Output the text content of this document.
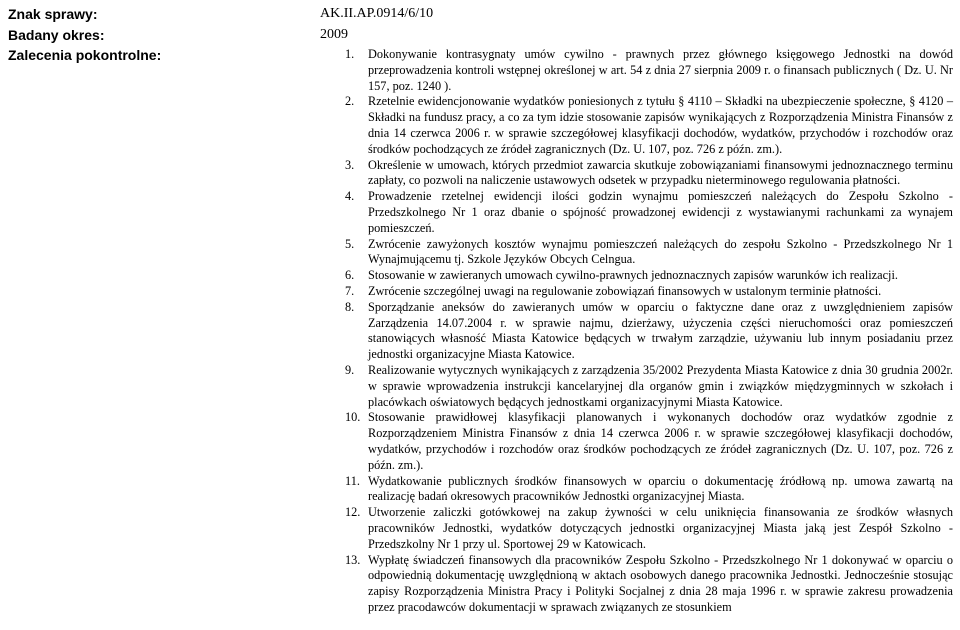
Znak sprawy:	AK.II.AP.0914/6/10
Badany okres:	2009
Zalecenia pokontrolne:	1. Dokonywanie kontrasygnaty umów cywilno - prawnych przez głównego księgowego Jednostki na dowód przeprowadzenia kontroli wstępnej określonej w art. 54 z dnia 27 sierpnia 2009 r. o finansach publicznych ( Dz. U. Nr 157, poz. 1240 ).
2. Rzetelnie ewidencjonowanie wydatków poniesionych z tytułu § 4110 – Składki na ubezpieczenie społeczne, § 4120 – Składki na fundusz pracy, a co za tym idzie stosowanie zapisów wynikających z Rozporządzenia Ministra Finansów z dnia 14 czerwca 2006 r. w sprawie szczegółowej klasyfikacji dochodów, wydatków, przychodów i rozchodów oraz środków pochodzących ze źródeł zagranicznych (Dz. U. 107, poz. 726 z późn. zm.).
3. Określenie w umowach, których przedmiot zawarcia skutkuje zobowiązaniami finansowymi jednoznacznego terminu zapłaty, co pozwoli na naliczenie ustawowych odsetek w przypadku nieterminowego regulowania płatności.
4. Prowadzenie rzetelnej ewidencji ilości godzin wynajmu pomieszczeń należących do Zespołu Szkolno - Przedszkolnego Nr 1 oraz dbanie o spójność prowadzonej ewidencji z wystawianymi rachunkami za wynajem pomieszczeń.
5. Zwrócenie zawyżonych kosztów wynajmu pomieszczeń należących do zespołu Szkolno - Przedszkolnego Nr 1 Wynajmującemu tj. Szkole Języków Obcych Celngua.
6. Stosowanie w zawieranych umowach cywilno-prawnych jednoznacznych zapisów warunków ich realizacji.
7. Zwrócenie szczególnej uwagi na regulowanie zobowiązań finansowych w ustalonym terminie płatności.
8. Sporządzanie aneksów do zawieranych umów w oparciu o faktyczne dane oraz z uwzględnieniem zapisów Zarządzenia 14.07.2004 r. w sprawie najmu, dzierżawy, użyczenia części nieruchomości oraz pomieszczeń stanowiących własność Miasta Katowice będących w trwałym zarządzie, używaniu lub innym posiadaniu przez jednostki organizacyjne Miasta Katowice.
9. Realizowanie wytycznych wynikających z zarządzenia 35/2002 Prezydenta Miasta Katowice z dnia 30 grudnia 2002r. w sprawie wprowadzenia instrukcji kancelaryjnej dla organów gmin i związków międzygminnych w szkołach i placówkach oświatowych będących jednostkami organizacyjnymi Miasta Katowice.
10. Stosowanie prawidłowej klasyfikacji planowanych i wykonanych dochodów oraz wydatków zgodnie z Rozporządzeniem Ministra Finansów z dnia 14 czerwca 2006 r. w sprawie szczegółowej klasyfikacji dochodów, wydatków, przychodów i rozchodów oraz środków pochodzących ze źródeł zagranicznych (Dz. U. 107, poz. 726 z późn. zm.).
11. Wydatkowanie publicznych środków finansowych w oparciu o dokumentację źródłową np. umowa zawartą na realizację badań okresowych pracowników Jednostki organizacyjnej Miasta.
12. Utworzenie zaliczki gotówkowej na zakup żywności w celu uniknięcia finansowania ze środków własnych pracowników Jednostki, wydatków dotyczących jednostki organizacyjnej Miasta jaką jest Zespół Szkolno - Przedszkolny Nr 1 przy ul. Sportowej 29 w Katowicach.
13. Wypłatę świadczeń finansowych dla pracowników Zespołu Szkolno - Przedszkolnego Nr 1 dokonywać w oparciu o odpowiednią dokumentację uwzględnioną w aktach osobowych danego pracownika Jednostki. Jednocześnie stosując zapisy Rozporządzenia Ministra Pracy i Polityki Socjalnej z dnia 28 maja 1996 r. w sprawie zakresu prowadzenia przez pracodawców dokumentacji w sprawach związanych ze stosunkiem
